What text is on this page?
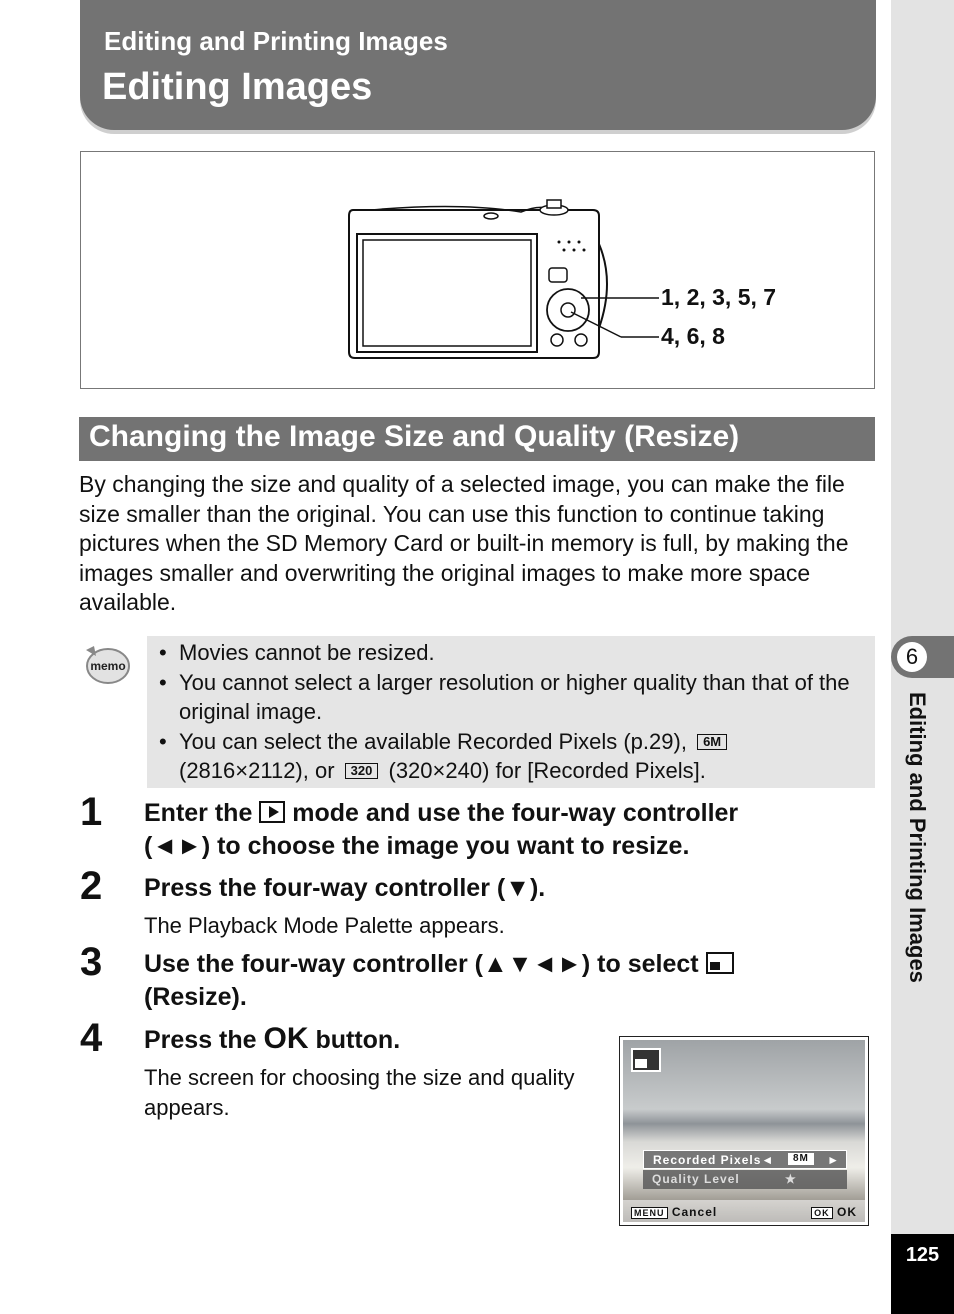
Editing and Printing Images
Editing Images
6
Editing and Printing Images
125
1, 2, 3, 5, 7
4, 6, 8
Changing the Image Size and Quality (Resize)

By changing the size and quality of a selected image, you can make the file size smaller than the original. You can use this function to continue taking pictures when the SD Memory Card or built-in memory is full, by making the images smaller and overwriting the original images to make more space available.

memo
• Movies cannot be resized.
• You cannot select a larger resolution or higher quality than that of the original image.
• You can select the available Recorded Pixels (p.29), 6M
(2816×2112), or 320 (320×240) for [Recorded Pixels].
1 Enter the mode and use the four-way controller
(◄►) to choose the image you want to resize.
2 Press the four-way controller (▼).
The Playback Mode Palette appears.
3 Use the four-way controller (▲▼◄►) to select
(Resize).
4 Press the OK button.
The screen for choosing the size and quality appears.
Recorded Pixels◄	8M	►
Quality Level	★
MENU Cancel	OK OK
